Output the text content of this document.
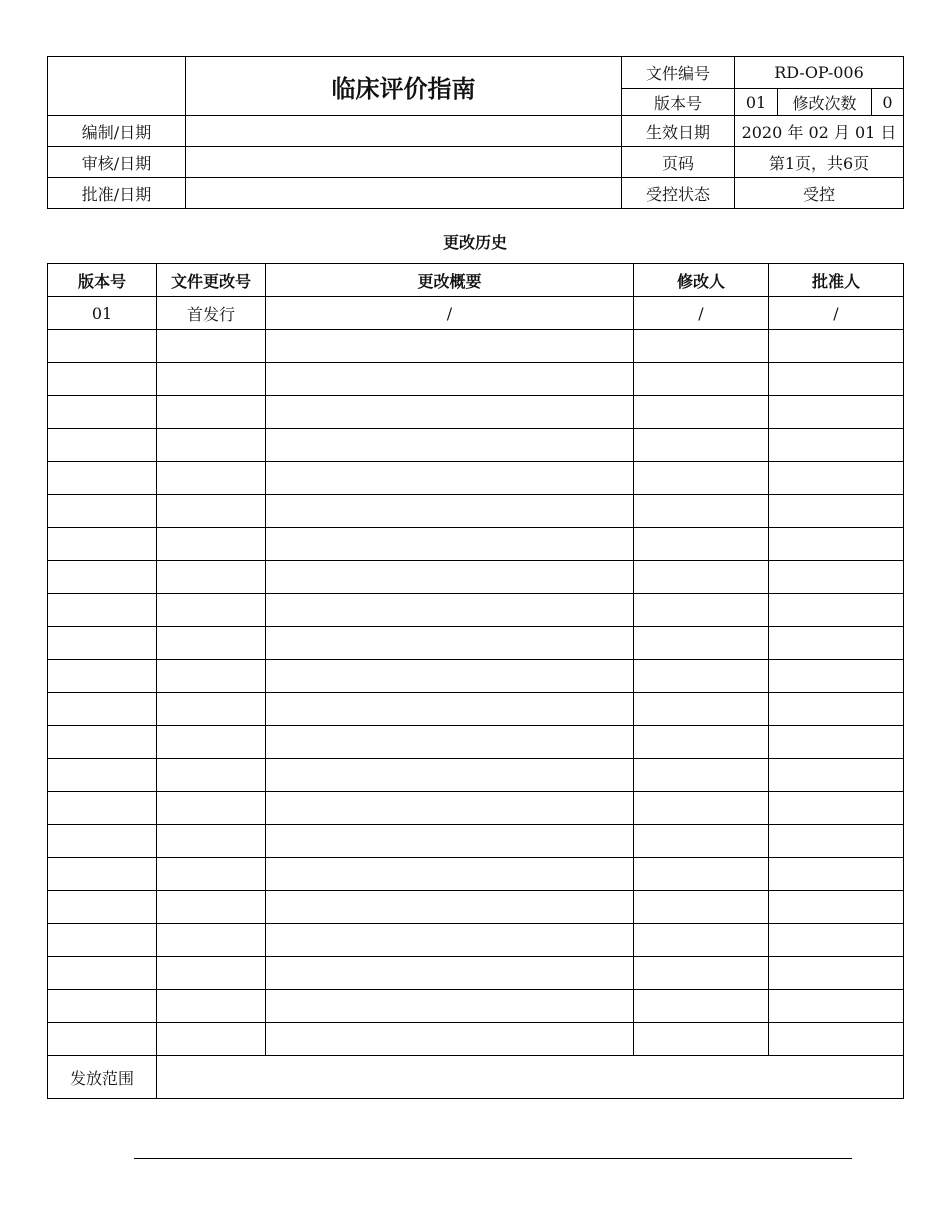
	临床评价指南	文件编号	RD-OP-006		
		版本号	01	修改次数	0
编制/日期		生效日期	2020 年 02 月 01 日		
审核/日期		页码	第1页，共6页		
批准/日期		受控状态	受控		
更改历史
版本号	文件更改号	更改概要	修改人	批准人
01	首发行	/	/	/

发放范围				
